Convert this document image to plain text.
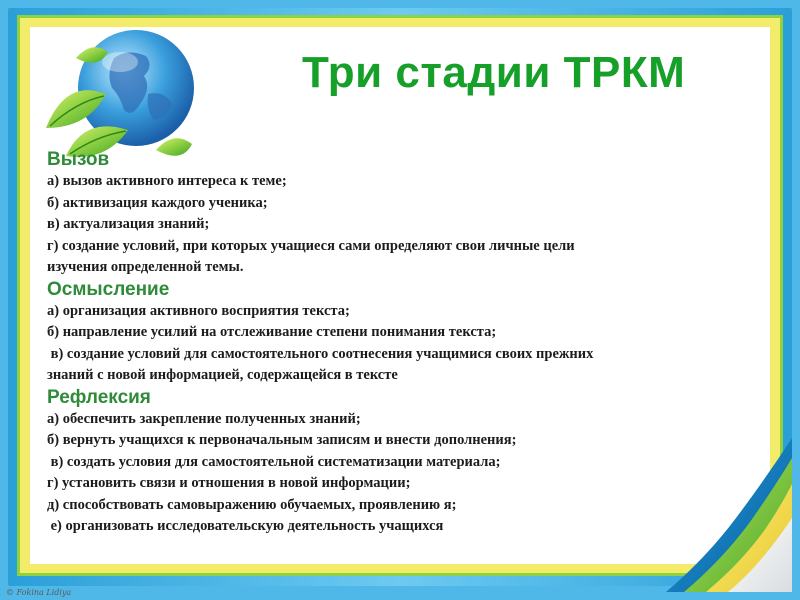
Три стадии ТРКМ
Вызов
а) вызов активного интереса к теме;
б) активизация каждого ученика;
в) актуализация знаний;
г) создание условий, при которых учащиеся сами определяют свои личные цели
изучения определенной темы.
Осмысление
а) организация активного восприятия текста;
б) направление усилий на отслеживание степени понимания текста;
в) создание условий для самостоятельного соотнесения учащимися своих прежних
знаний с новой информацией, содержащейся в тексте
Рефлексия
а) обеспечить закрепление полученных знаний;
б) вернуть учащихся к первоначальным записям и внести дополнения;
в) создать условия для самостоятельной систематизации материала;
г) установить связи и отношения в новой информации;
д) способствовать самовыражению обучаемых, проявлению я;
е) организовать исследовательскую деятельность учащихся
© Fokina Lidiya
